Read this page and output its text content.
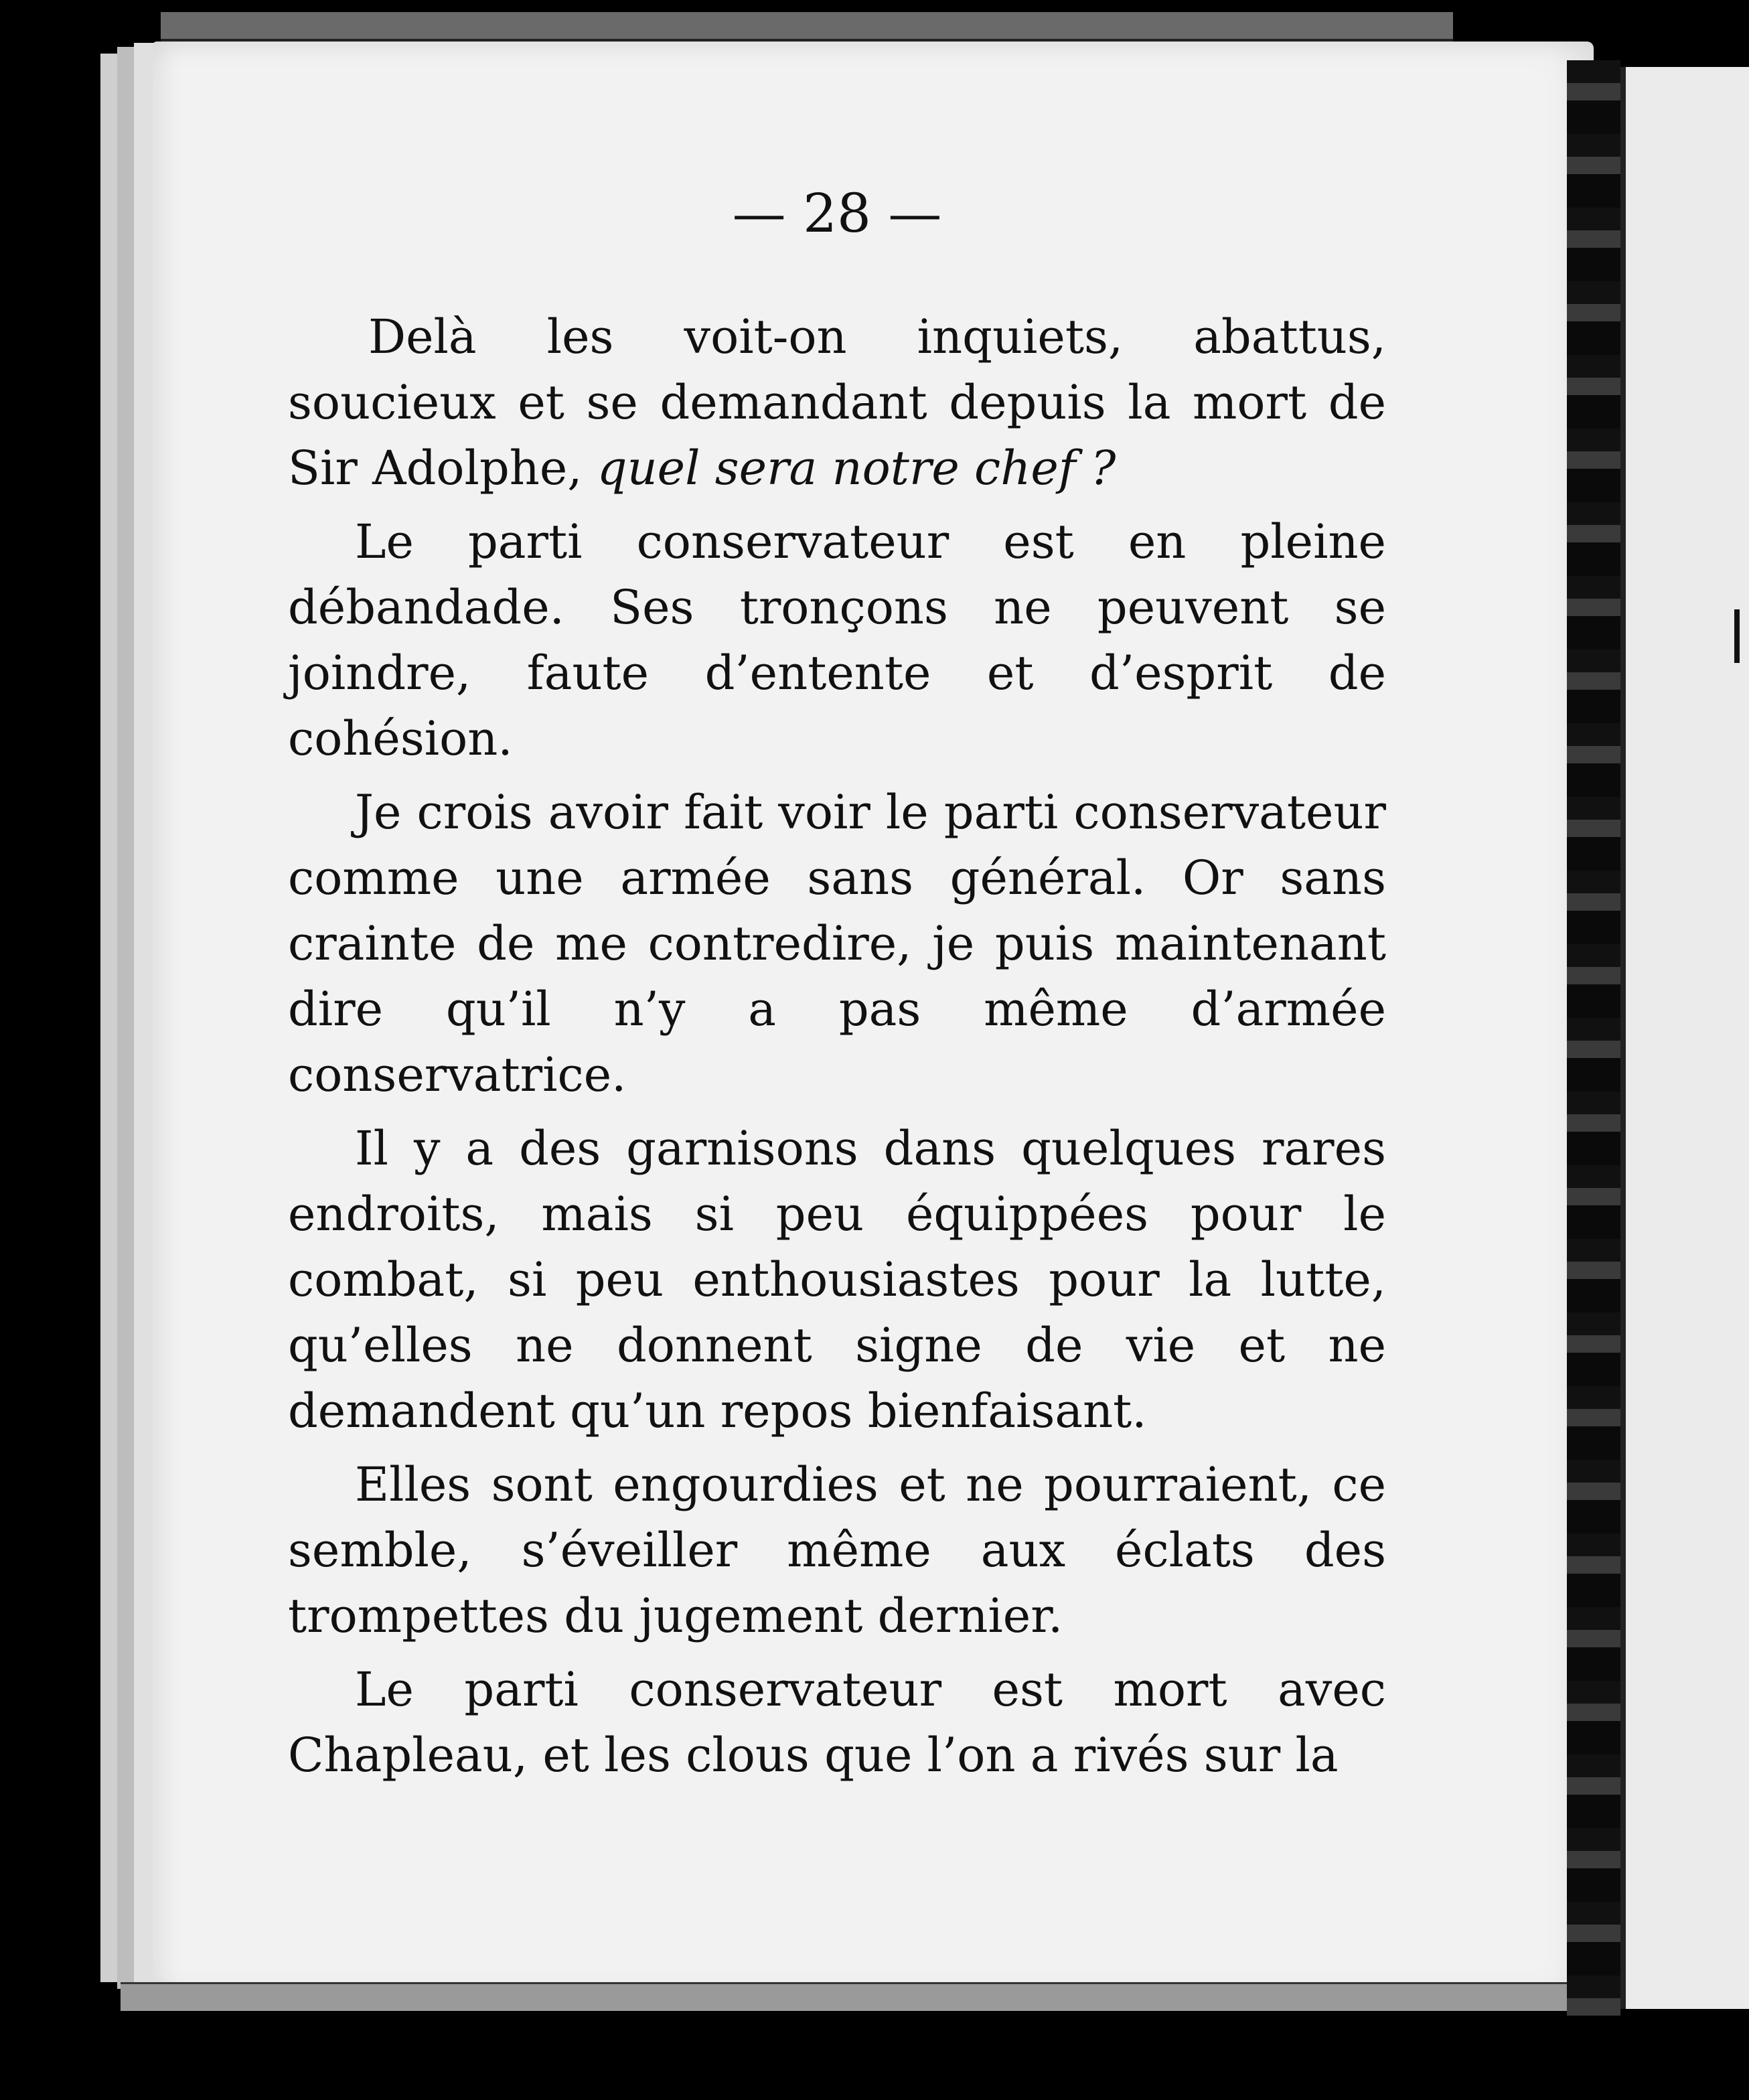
— 28 —

Delà les voit-on inquiets, abattus, soucieux et se demandant depuis la mort de Sir Adolphe, quel sera notre chef ?

Le parti conservateur est en pleine débandade. Ses tronçons ne peuvent se joindre, faute d’entente et d’esprit de cohésion.

Je crois avoir fait voir le parti conservateur comme une armée sans général. Or sans crainte de me contredire, je puis maintenant dire qu’il n’y a pas même d’armée conservatrice.

Il y a des garnisons dans quelques rares endroits, mais si peu équippées pour le combat, si peu enthousiastes pour la lutte, qu’elles ne donnent signe de vie et ne demandent qu’un repos bienfaisant.

Elles sont engourdies et ne pourraient, ce semble, s’éveiller même aux éclats des trompettes du jugement dernier.

Le parti conservateur est mort avec Chapleau, et les clous que l’on a rivés sur la
